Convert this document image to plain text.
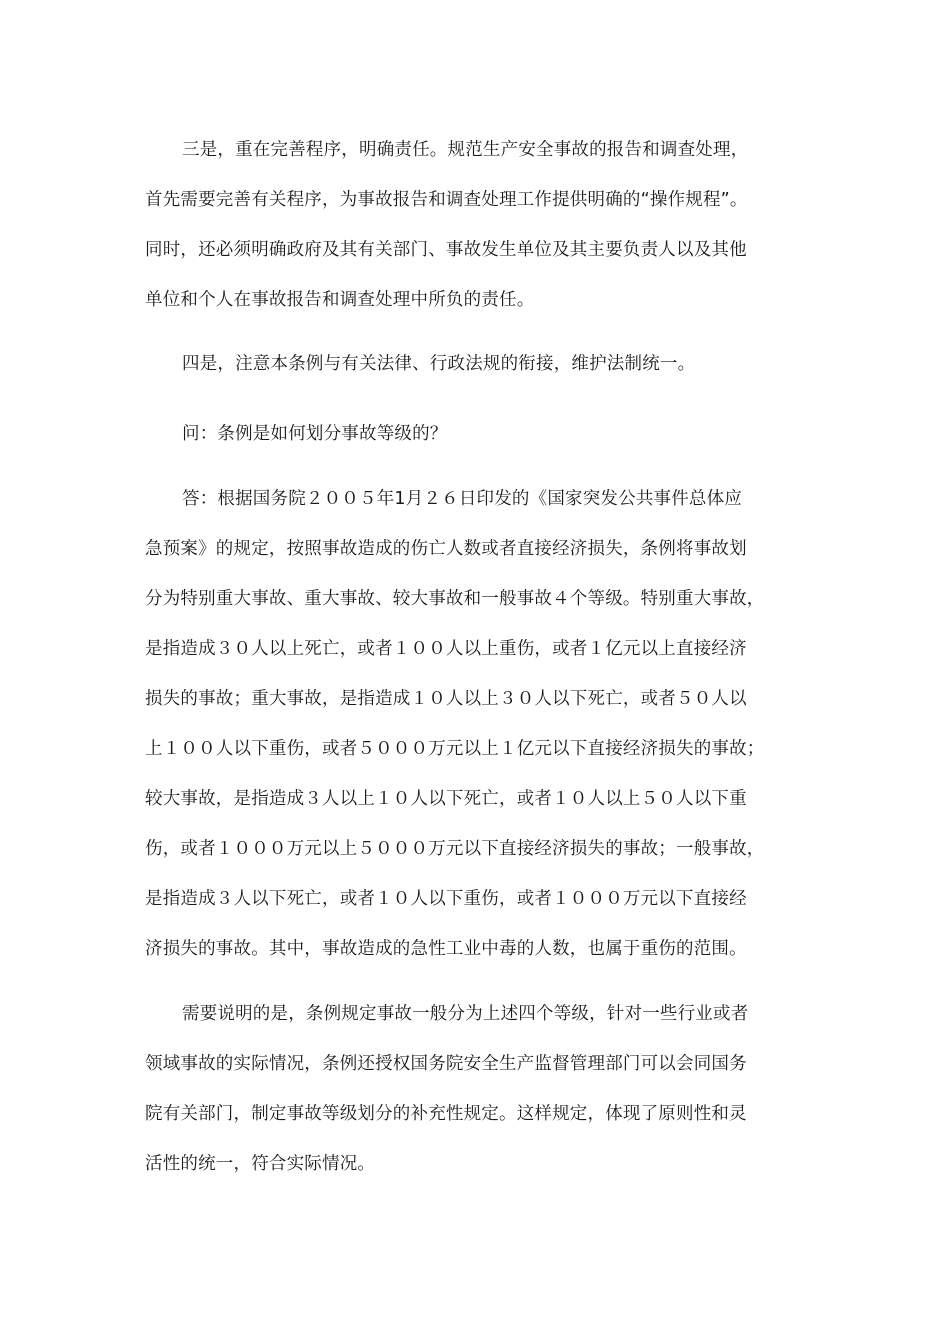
三是，重在完善程序，明确责任。规范生产安全事故的报告和调查处理，
首先需要完善有关程序，为事故报告和调查处理工作提供明确的“操作规程”。
同时，还必须明确政府及其有关部门、事故发生单位及其主要负责人以及其他
单位和个人在事故报告和调查处理中所负的责任。
四是，注意本条例与有关法律、行政法规的衔接，维护法制统一。
问：条例是如何划分事故等级的？
答：根据国务院２００５年1月２６日印发的《国家突发公共事件总体应
急预案》的规定，按照事故造成的伤亡人数或者直接经济损失，条例将事故划
分为特别重大事故、重大事故、较大事故和一般事故４个等级。特别重大事故，
是指造成３０人以上死亡，或者１００人以上重伤，或者１亿元以上直接经济
损失的事故；重大事故，是指造成１０人以上３０人以下死亡，或者５０人以
上１００人以下重伤，或者５０００万元以上１亿元以下直接经济损失的事故；
较大事故，是指造成３人以上１０人以下死亡，或者１０人以上５０人以下重
伤，或者１０００万元以上５０００万元以下直接经济损失的事故；一般事故，
是指造成３人以下死亡，或者１０人以下重伤，或者１０００万元以下直接经
济损失的事故。其中，事故造成的急性工业中毒的人数，也属于重伤的范围。
需要说明的是，条例规定事故一般分为上述四个等级，针对一些行业或者
领域事故的实际情况，条例还授权国务院安全生产监督管理部门可以会同国务
院有关部门，制定事故等级划分的补充性规定。这样规定，体现了原则性和灵
活性的统一，符合实际情况。
